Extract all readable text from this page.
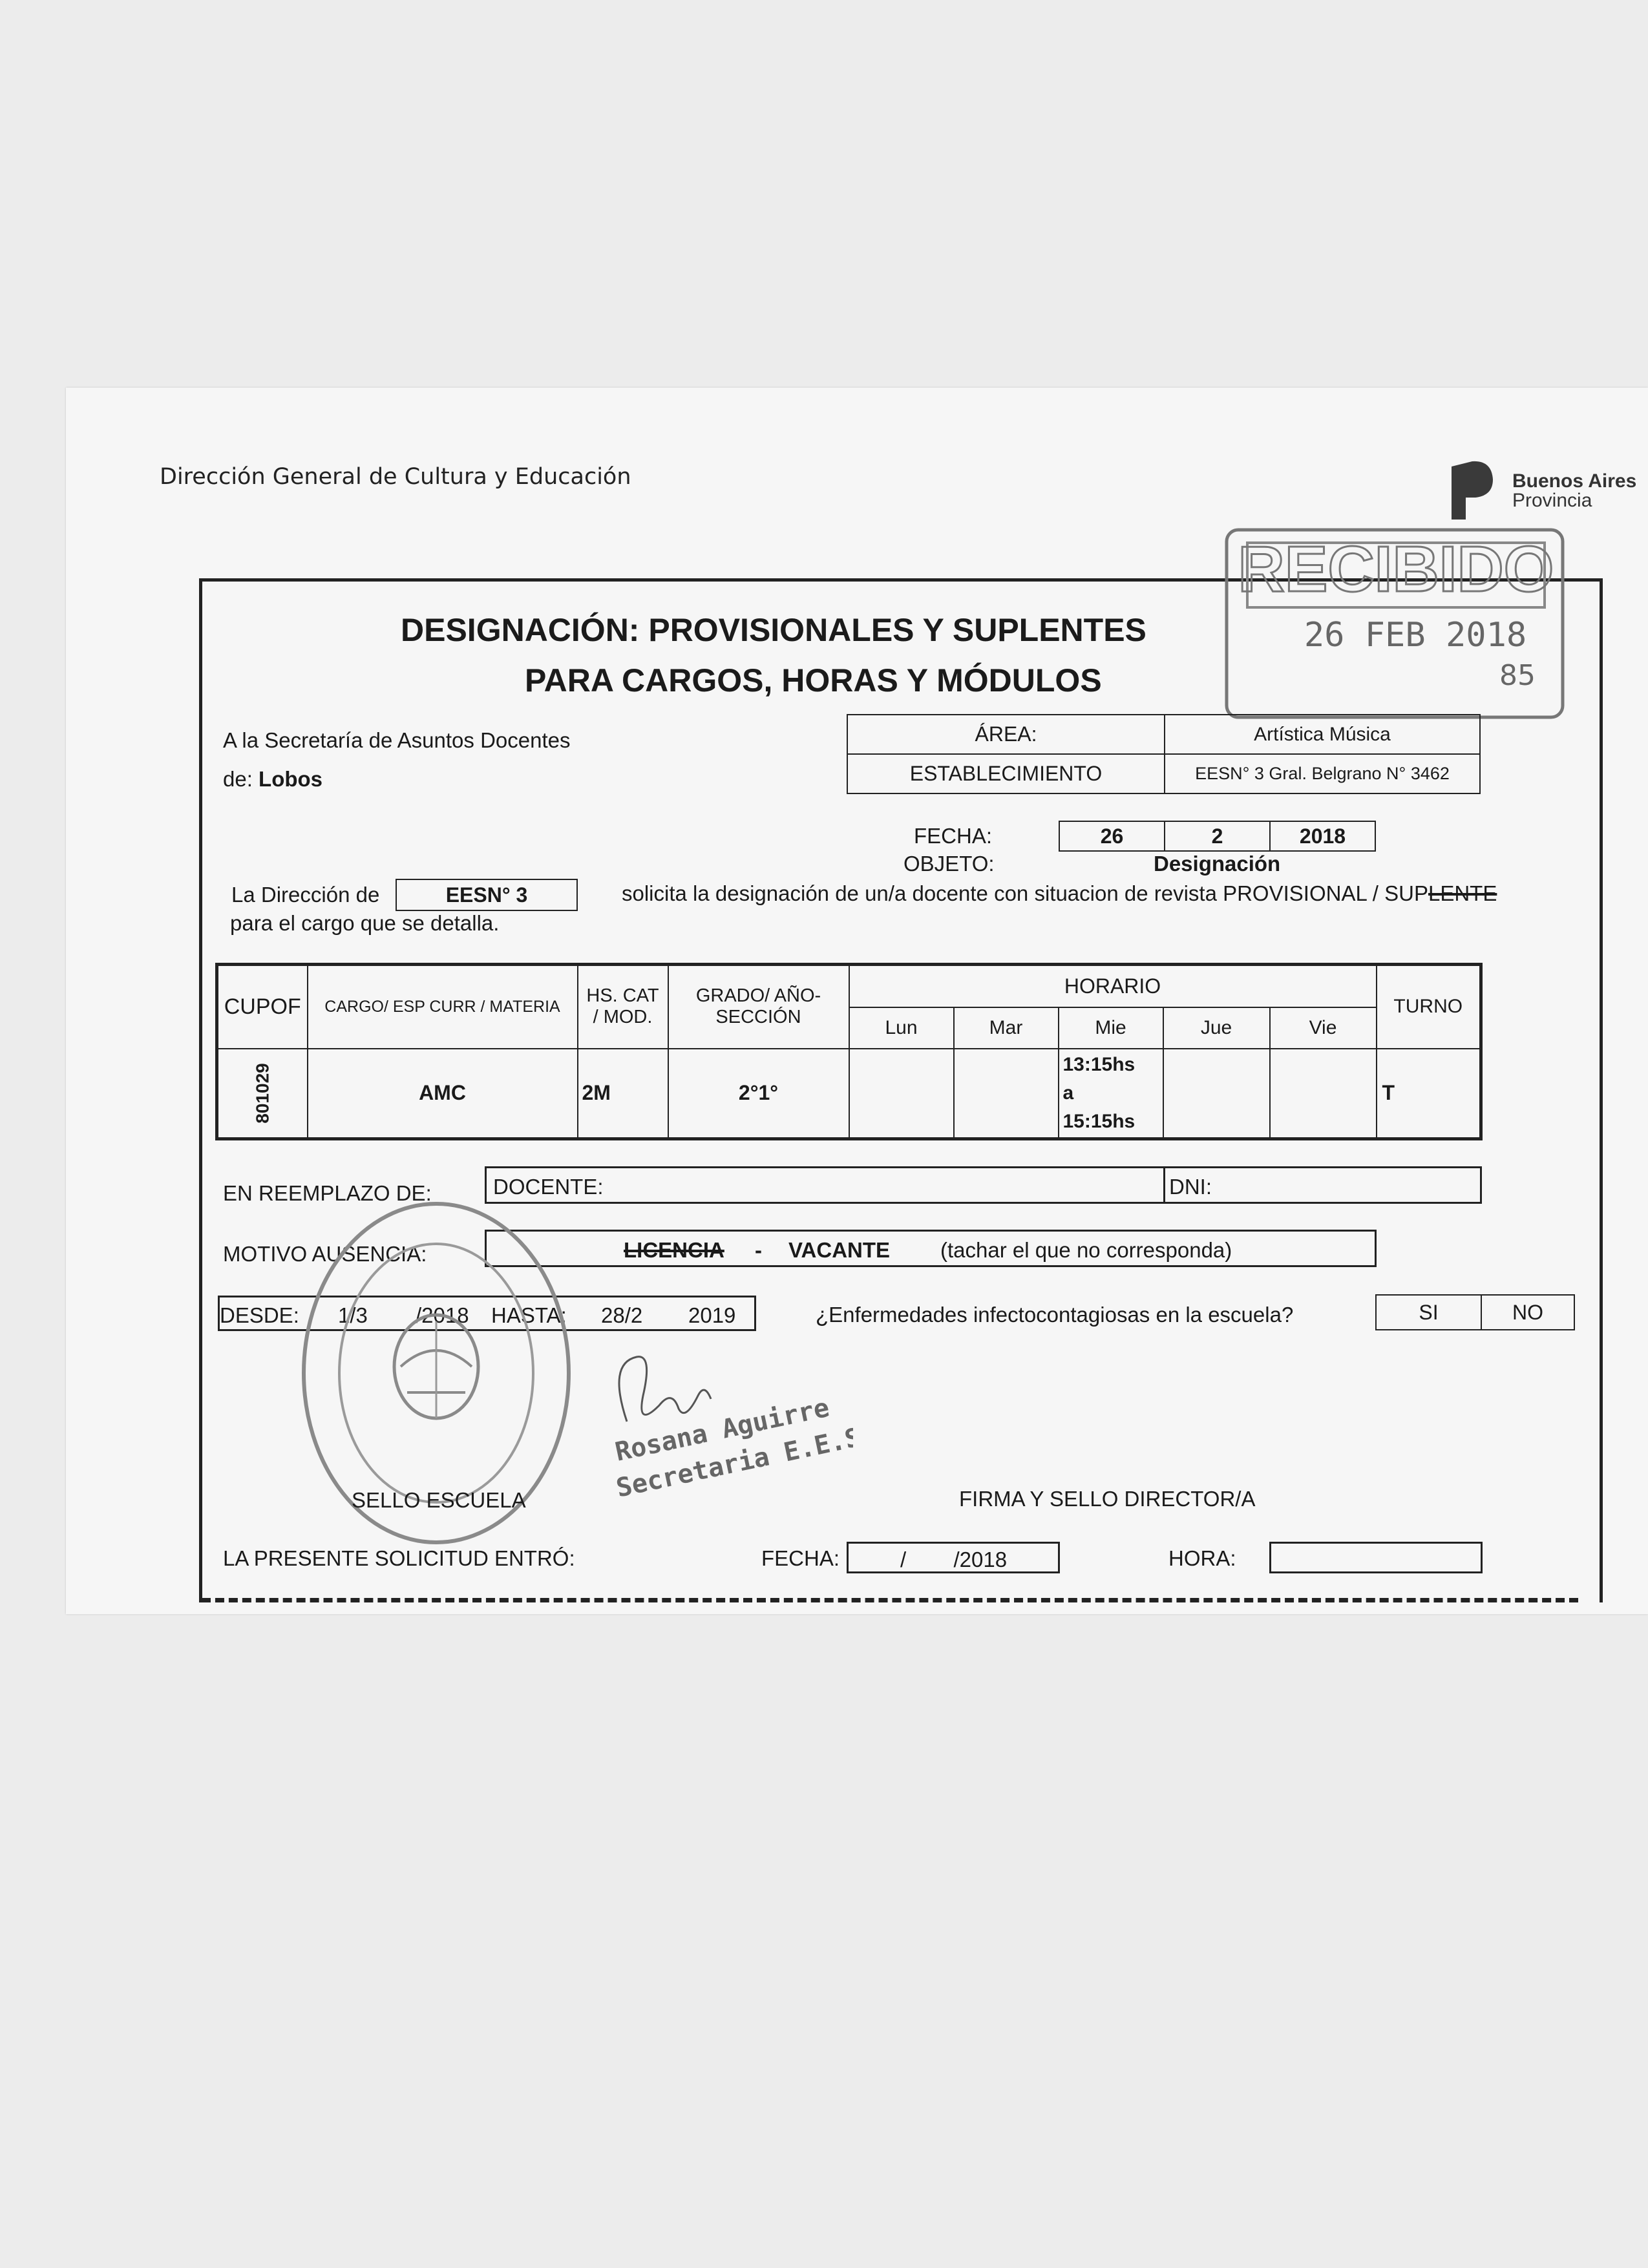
Dirección General de Cultura y Educación	Buenos Aires
Provincia
RECIBIDO
26 FEB 2018
85
DESIGNACIÓN: PROVISIONALES Y SUPLENTES
PARA CARGOS, HORAS Y MÓDULOS
A la Secretaría de Asuntos Docentes
de: Lobos
ÁREA:	Artística Música
ESTABLECIMIENTO	EESN° 3 Gral. Belgrano N° 3462
FECHA:	26	2	2018
OBJETO:	Designación
La Dirección de	EESN° 3	solicita la designación de un/a docente con situacion de revista PROVISIONAL / SUPLENTE
para el cargo que se detalla.
CUPOF	CARGO/ ESP CURR / MATERIA	HS. CAT / MOD.	GRADO/ AÑO- SECCIÓN	HORARIO					TURNO
				Lun	Mar	Mie	Jue	Vie	

801029	AMC	2M	2°1°			13:15hs
a
15:15hs			T
EN REEMPLAZO DE:	DOCENTE:	DNI:
MOTIVO AUSENCIA:	LICENCIA - VACANTE (tachar el que no corresponda)
DESDE: 1/3 /2018 HASTA: 28/2 2019	¿Enfermedades infectocontagiosas en la escuela?	SI	NO
Rosana Aguirre
Secretaria E.E.S.
SELLO ESCUELA	FIRMA Y SELLO DIRECTOR/A
LA PRESENTE SOLICITUD ENTRÓ:	FECHA:	/        /2018	HORA:
